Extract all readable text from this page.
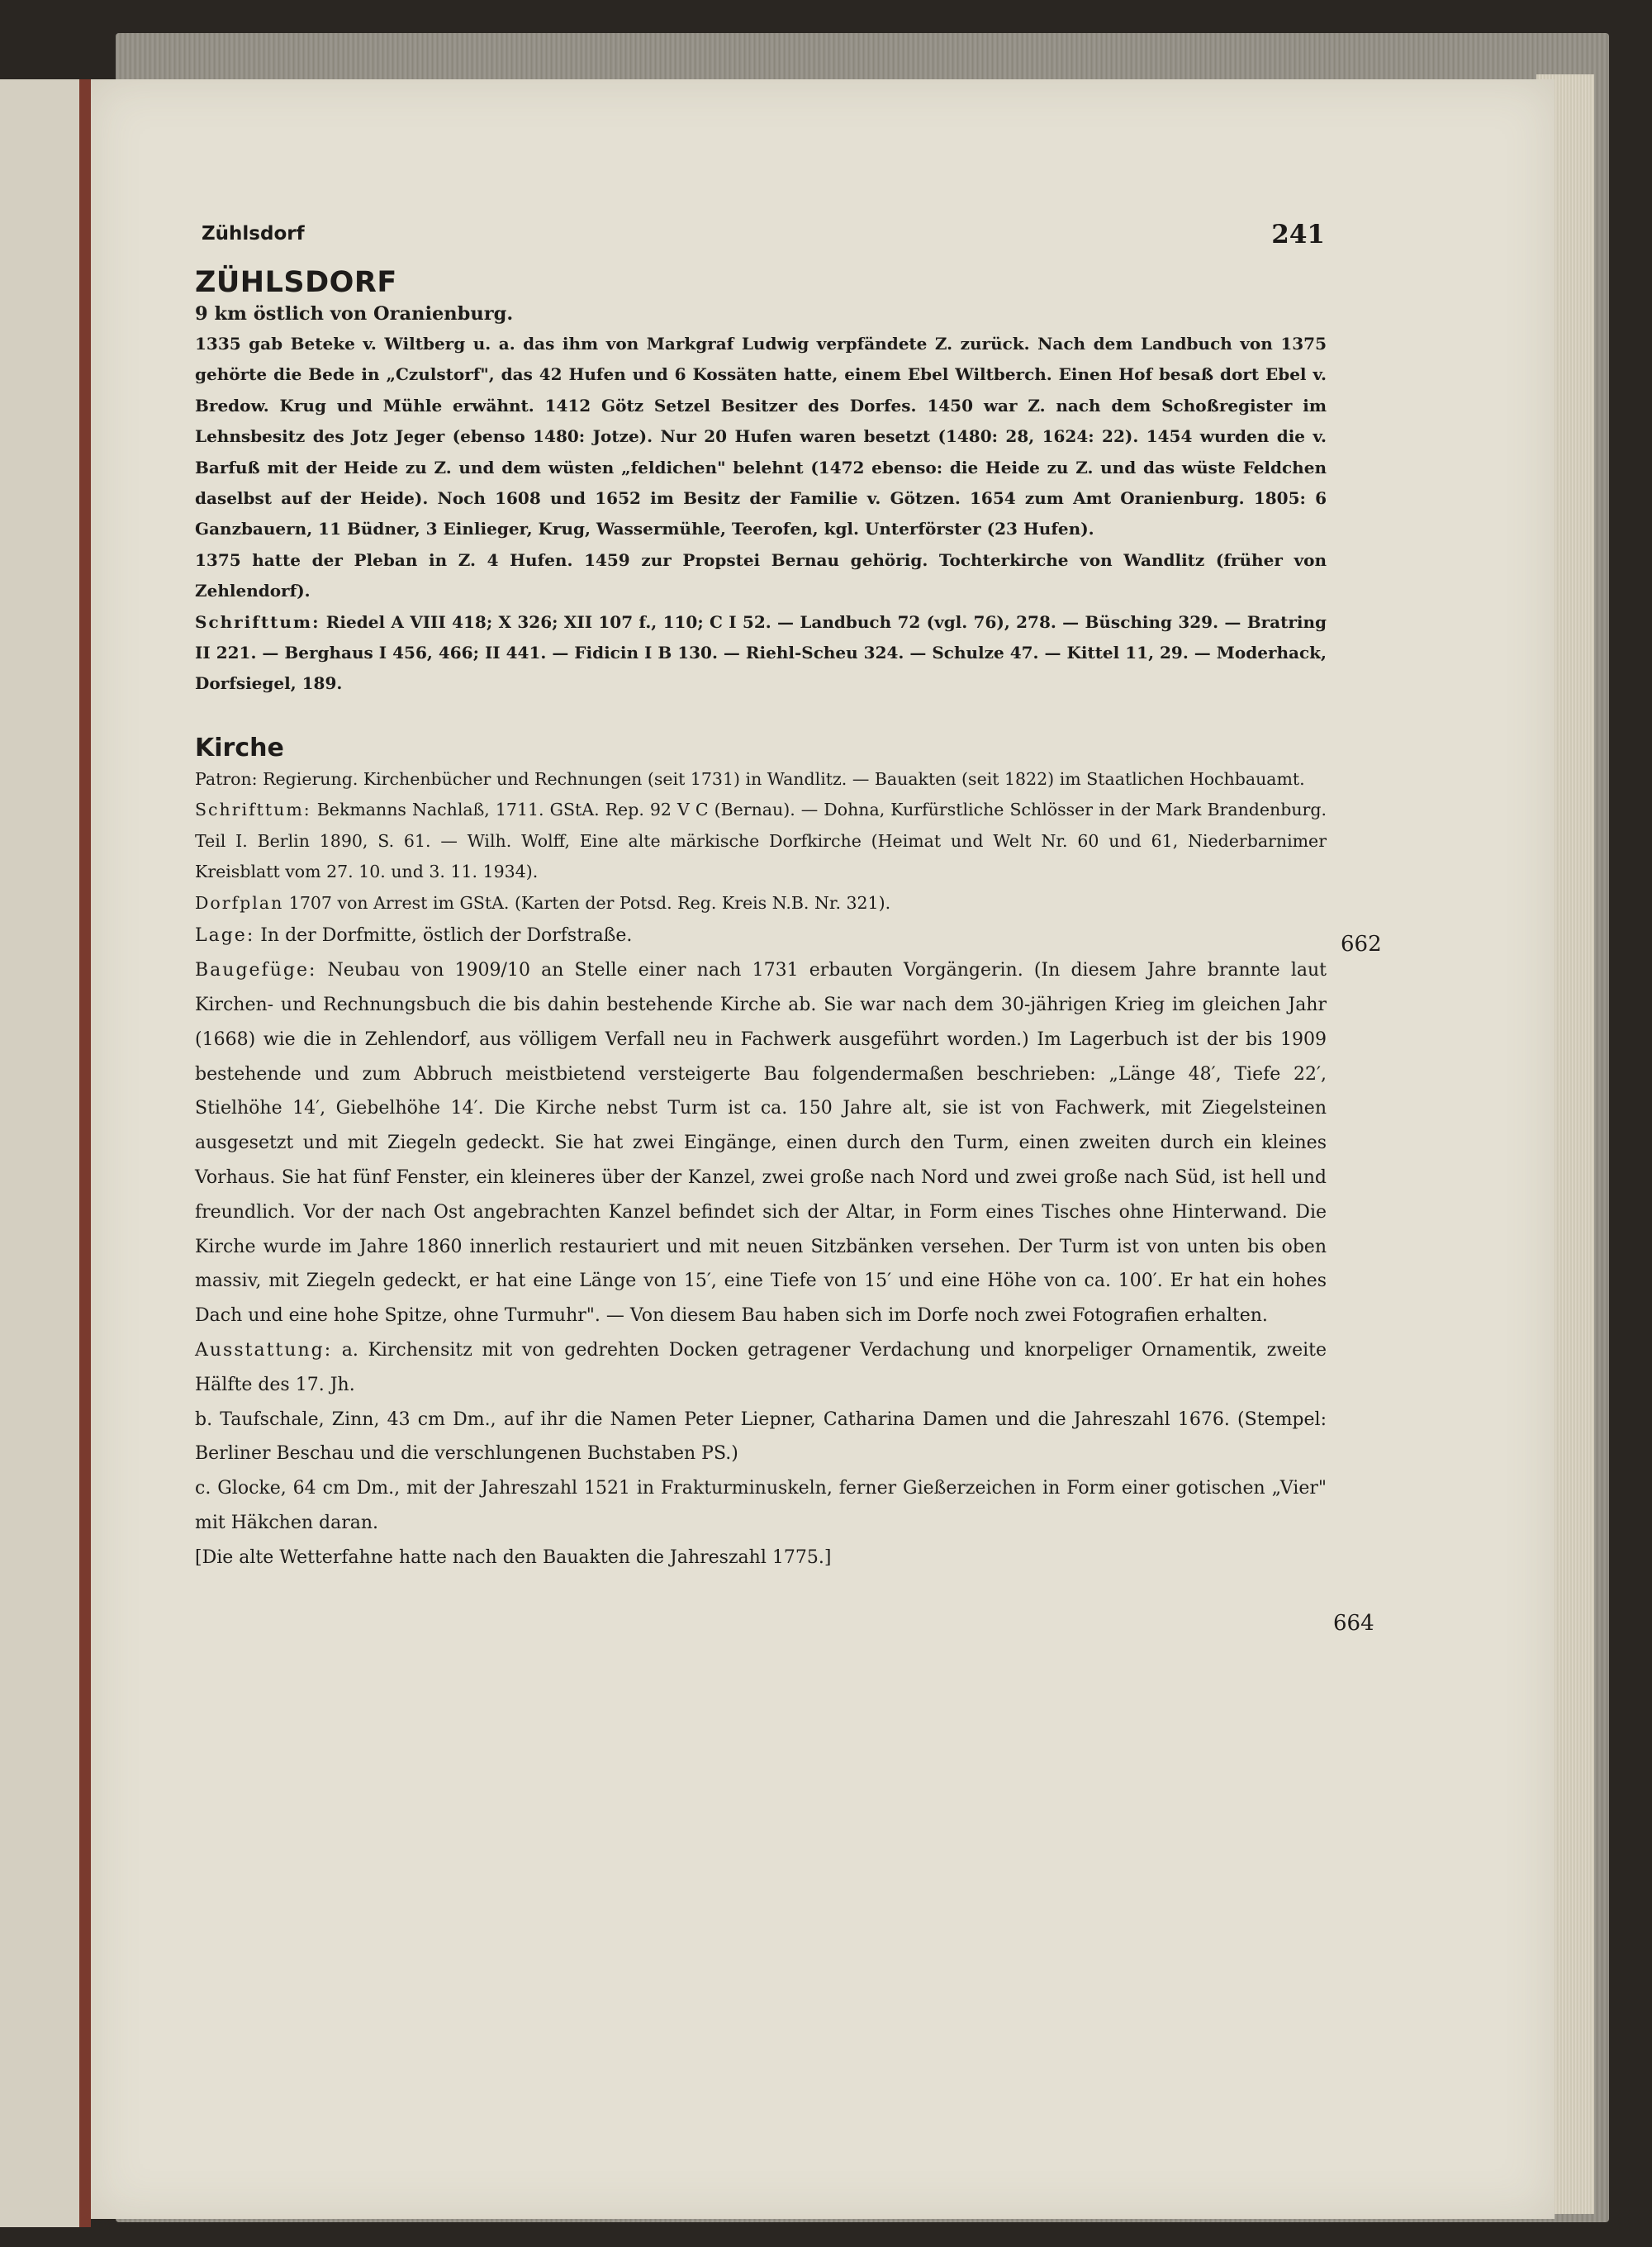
Zühlsdorf	241
ZÜHLSDORF
9 km östlich von Oranienburg.

1335 gab Beteke v. Wiltberg u. a. das ihm von Markgraf Ludwig verpfändete Z. zurück. Nach dem Landbuch von 1375 gehörte die Bede in „Czulstorf", das 42 Hufen und 6 Kossäten hatte, einem Ebel Wiltberch. Einen Hof besaß dort Ebel v. Bredow. Krug und Mühle erwähnt. 1412 Götz Setzel Besitzer des Dorfes. 1450 war Z. nach dem Schoßregister im Lehnsbesitz des Jotz Jeger (ebenso 1480: Jotze). Nur 20 Hufen waren besetzt (1480: 28, 1624: 22). 1454 wurden die v. Barfuß mit der Heide zu Z. und dem wüsten „feldichen" belehnt (1472 ebenso: die Heide zu Z. und das wüste Feldchen daselbst auf der Heide). Noch 1608 und 1652 im Besitz der Familie v. Götzen. 1654 zum Amt Oranienburg. 1805: 6 Ganzbauern, 11 Büdner, 3 Einlieger, Krug, Wassermühle, Teerofen, kgl. Unterförster (23 Hufen).

1375 hatte der Pleban in Z. 4 Hufen. 1459 zur Propstei Bernau gehörig. Tochterkirche von Wandlitz (früher von Zehlendorf).

Schrifttum: Riedel A VIII 418; X 326; XII 107 f., 110; C I 52. — Landbuch 72 (vgl. 76), 278. — Büsching 329. — Bratring II 221. — Berghaus I 456, 466; II 441. — Fidicin I B 130. — Riehl-Scheu 324. — Schulze 47. — Kittel 11, 29. — Moderhack, Dorfsiegel, 189.

Kirche

Patron: Regierung. Kirchenbücher und Rechnungen (seit 1731) in Wandlitz. — Bauakten (seit 1822) im Staatlichen Hochbauamt.

Schrifttum: Bekmanns Nachlaß, 1711. GStA. Rep. 92 V C (Bernau). — Dohna, Kurfürstliche Schlösser in der Mark Brandenburg. Teil I. Berlin 1890, S. 61. — Wilh. Wolff, Eine alte märkische Dorfkirche (Heimat und Welt Nr. 60 und 61, Niederbarnimer Kreisblatt vom 27. 10. und 3. 11. 1934).

Dorfplan 1707 von Arrest im GStA. (Karten der Potsd. Reg. Kreis N.B. Nr. 321).

Lage: In der Dorfmitte, östlich der Dorfstraße.

Baugefüge: Neubau von 1909/10 an Stelle einer nach 1731 erbauten Vorgängerin. (In diesem Jahre brannte laut Kirchen- und Rechnungsbuch die bis dahin bestehende Kirche ab. Sie war nach dem 30-jährigen Krieg im gleichen Jahr (1668) wie die in Zehlendorf, aus völligem Verfall neu in Fachwerk ausgeführt worden.) Im Lagerbuch ist der bis 1909 bestehende und zum Abbruch meistbietend versteigerte Bau folgendermaßen beschrieben: „Länge 48′, Tiefe 22′, Stielhöhe 14′, Giebelhöhe 14′. Die Kirche nebst Turm ist ca. 150 Jahre alt, sie ist von Fachwerk, mit Ziegelsteinen ausgesetzt und mit Ziegeln gedeckt. Sie hat zwei Eingänge, einen durch den Turm, einen zweiten durch ein kleines Vorhaus. Sie hat fünf Fenster, ein kleineres über der Kanzel, zwei große nach Nord und zwei große nach Süd, ist hell und freundlich. Vor der nach Ost angebrachten Kanzel befindet sich der Altar, in Form eines Tisches ohne Hinterwand. Die Kirche wurde im Jahre 1860 innerlich restauriert und mit neuen Sitzbänken versehen. Der Turm ist von unten bis oben massiv, mit Ziegeln gedeckt, er hat eine Länge von 15′, eine Tiefe von 15′ und eine Höhe von ca. 100′. Er hat ein hohes Dach und eine hohe Spitze, ohne Turmuhr". — Von diesem Bau haben sich im Dorfe noch zwei Fotografien erhalten.

Ausstattung: a. Kirchensitz mit von gedrehten Docken getragener Verdachung und knorpeliger Ornamentik, zweite Hälfte des 17. Jh.

b. Taufschale, Zinn, 43 cm Dm., auf ihr die Namen Peter Liepner, Catharina Damen und die Jahreszahl 1676. (Stempel: Berliner Beschau und die verschlungenen Buchstaben PS.)

c. Glocke, 64 cm Dm., mit der Jahreszahl 1521 in Frakturminuskeln, ferner Gießerzeichen in Form einer gotischen „Vier" mit Häkchen daran.

[Die alte Wetterfahne hatte nach den Bauakten die Jahreszahl 1775.]

662
664
